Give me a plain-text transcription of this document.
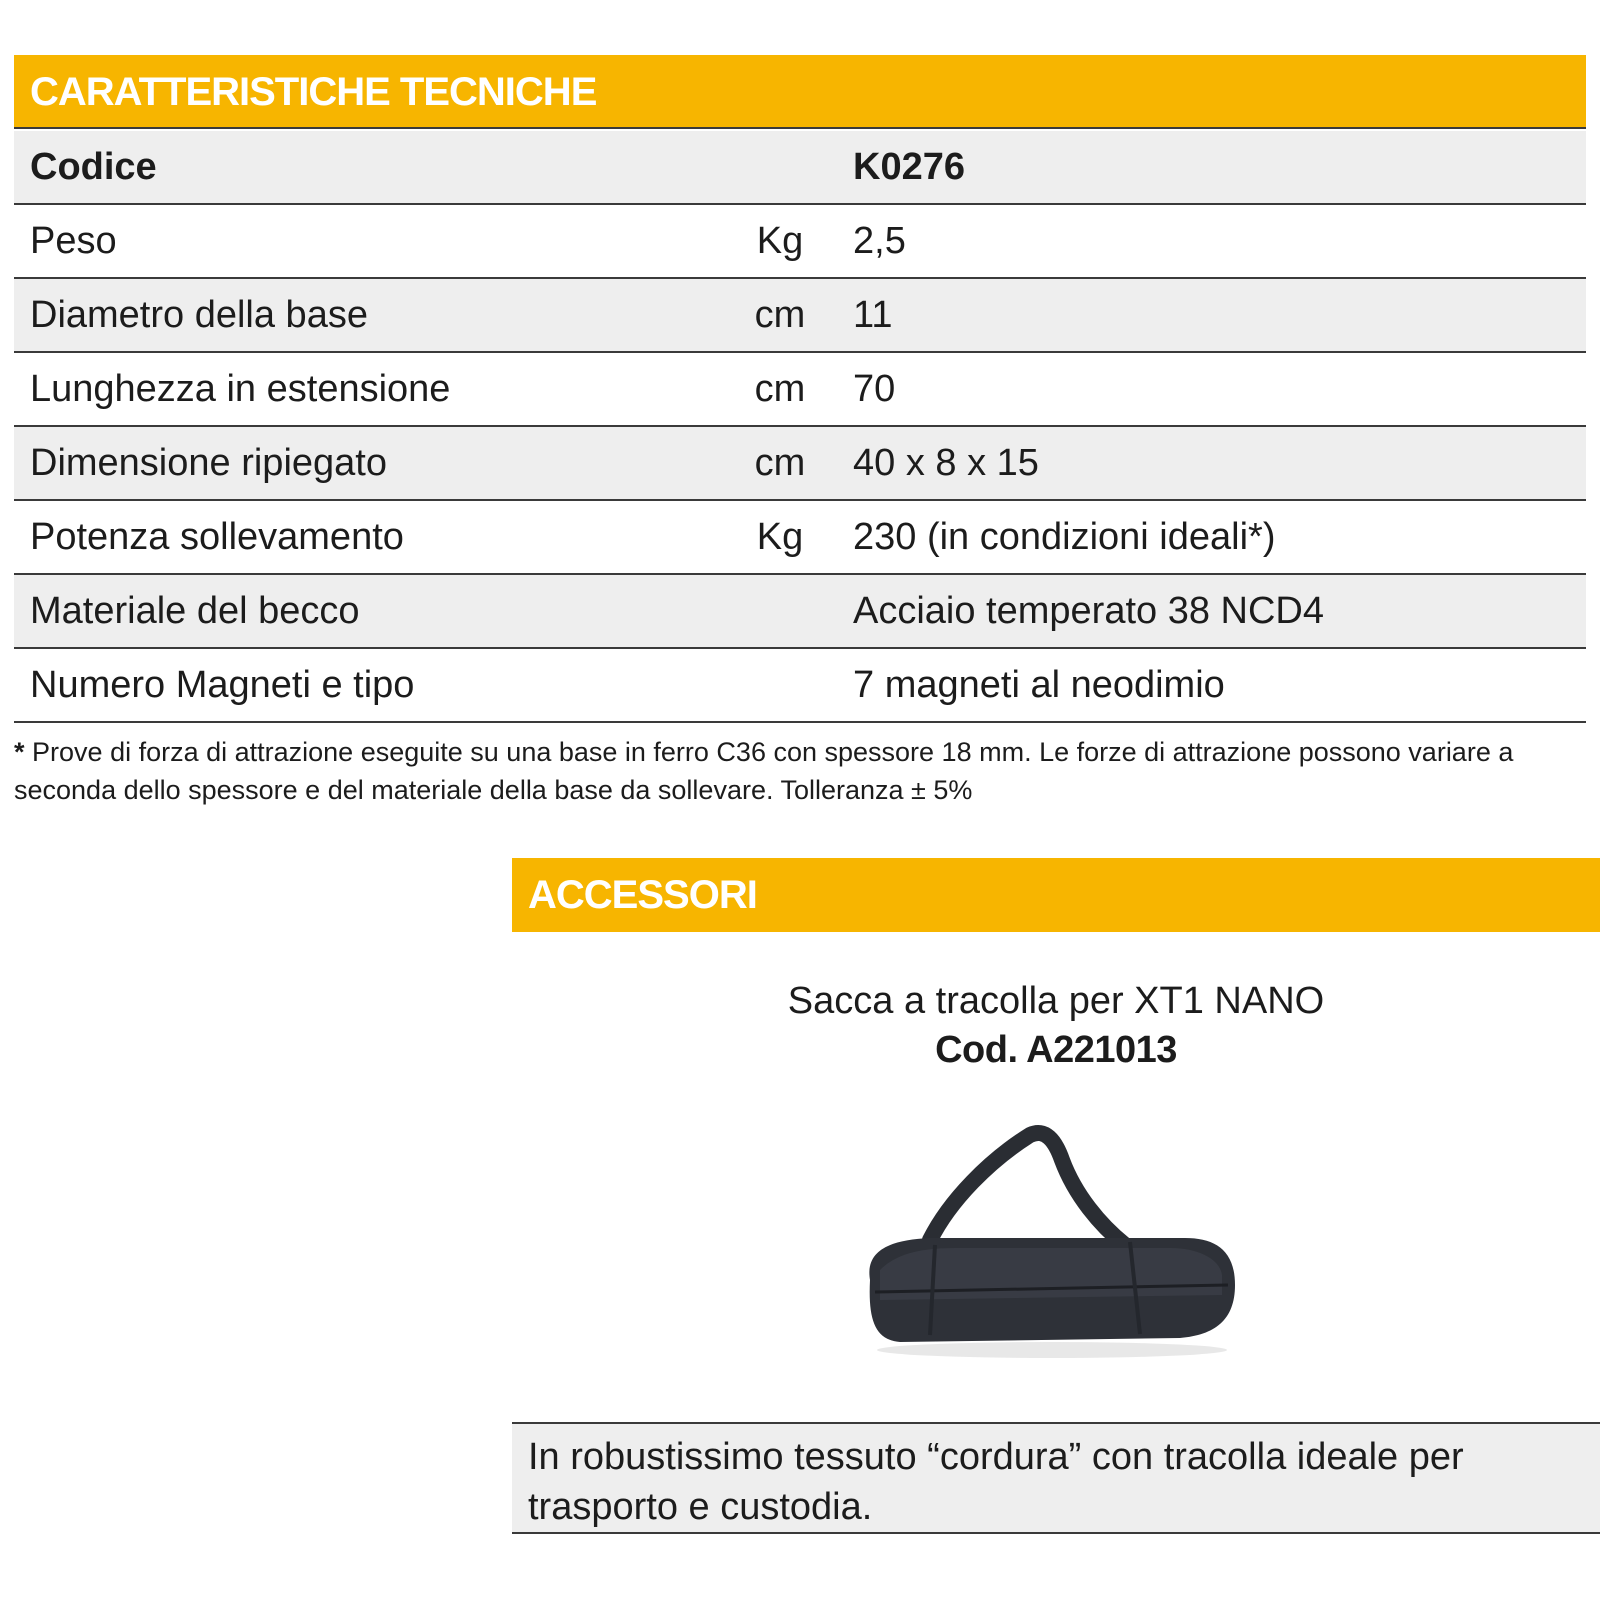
CARATTERISTICHE TECNICHE
Codice		K0276
Peso	Kg	2,5
Diametro della base	cm	11
Lunghezza in estensione	cm	70
Dimensione ripiegato	cm	40 x 8 x 15
Potenza sollevamento	Kg	230 (in condizioni ideali*)
Materiale del becco		Acciaio temperato 38 NCD4
Numero Magneti e tipo		7 magneti al neodimio
* Prove di forza di attrazione eseguite su una base in ferro C36 con spessore 18 mm. Le forze di attrazione possono variare a seconda dello spessore e del materiale della base da sollevare. Tolleranza ± 5%
ACCESSORI
Sacca a tracolla per XT1 NANO
Cod. A221013
In robustissimo tessuto “cordura” con tracolla ideale per trasporto e custodia.
